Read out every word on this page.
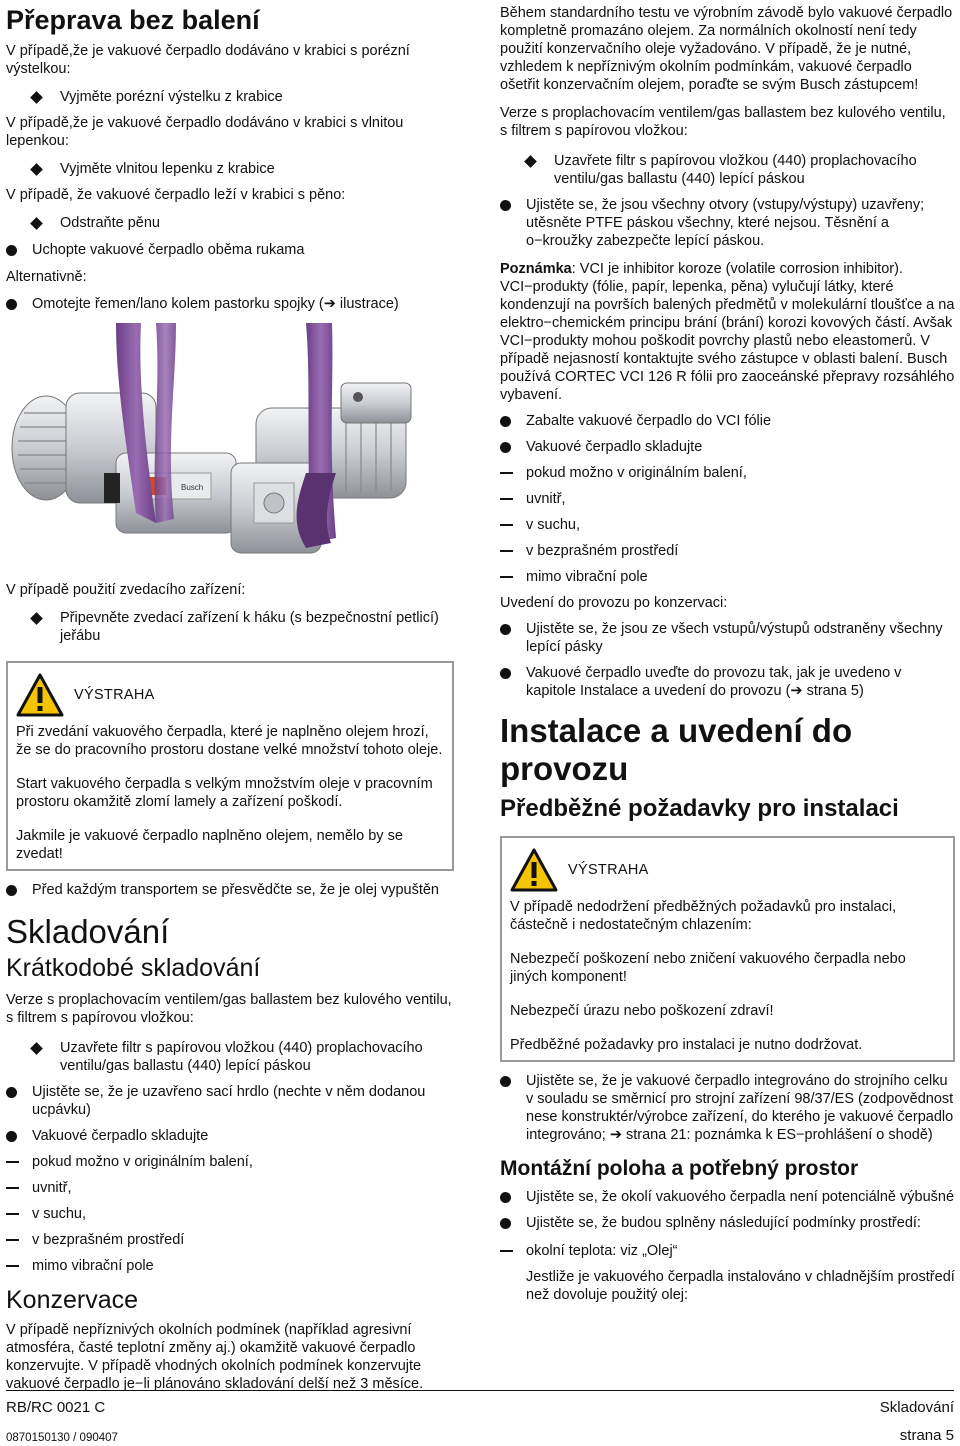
Přeprava bez balení

V případě,že je vakuové čerpadlo dodáváno v krabici s porézní výstelkou:

Vyjměte porézní výstelku z krabice

V případě,že je vakuové čerpadlo dodáváno v krabici s vlnitou lepenkou:

Vyjměte vlnitou lepenku z krabice

V případě, že vakuové čerpadlo leží v krabici s pěno:

Odstraňte pěnu
Uchopte vakuové čerpadlo oběma rukama

Alternativně:

Omotejte řemen/lano kolem pastorku spojky (➔ ilustrace)
Busch

V případě použití zvedacího zařízení:

Připevněte zvedací zařízení k háku (s bezpečnostní petlicí) jeřábu
VÝSTRAHA

Při zvedání vakuového čerpadla, které je naplněno olejem hrozí, že se do pracovního prostoru dostane velké množství tohoto oleje.

Start vakuového čerpadla s velkým množstvím oleje v pracovním prostoru okamžitě zlomí lamely a zařízení poškodí.

Jakmile je vakuové čerpadlo naplněno olejem, nemělo by se zvedat!

Před každým transportem se přesvědčte se, že je olej vypuštěn

Skladování

Krátkodobé skladování

Verze s proplachovacím ventilem/gas ballastem bez kulového ventilu, s filtrem s papírovou vložkou:

Uzavřete filtr s papírovou vložkou (440) proplachovacího ventilu/gas ballastu (440) lepící páskou
Ujistěte se, že je uzavřeno sací hrdlo (nechte v něm dodanou ucpávku)
Vakuové čerpadlo skladujte
pokud možno v originálním balení,
uvnitř,
v suchu,
v bezprašném prostředí
mimo vibrační pole

Konzervace

V případě nepříznivých okolních podmínek (například agresivní atmosféra, časté teplotní změny aj.) okamžitě vakuové čerpadlo konzervujte. V případě vhodných okolních podmínek konzervujte vakuové čerpadlo je−li plánováno skladování delší než 3 měsíce.

Během standardního testu ve výrobním závodě bylo vakuové čerpadlo kompletně promazáno olejem. Za normálních okolností není tedy použití konzervačního oleje vyžadováno. V případě, že je nutné, vzhledem k nepříznivým okolním podmínkám, vakuové čerpadlo ošetřit konzervačním olejem, poraďte se svým Busch zástupcem!

Verze s proplachovacím ventilem/gas ballastem bez kulového ventilu, s filtrem s papírovou vložkou:

Uzavřete filtr s papírovou vložkou (440) proplachovacího ventilu/gas ballastu (440) lepící páskou
Ujistěte se, že jsou všechny otvory (vstupy/výstupy) uzavřeny; utěsněte PTFE páskou všechny, které nejsou. Těsnění a o−kroužky zabezpečte lepící páskou.

Poznámka: VCI je inhibitor koroze (volatile corrosion inhibitor). VCI−produkty (fólie, papír, lepenka, pěna) vylučují látky, které kondenzují na površích balených předmětů v molekulární tloušťce a na elektro−chemickém principu brání (brání) korozi kovových částí. Avšak VCI−produkty mohou poškodit povrchy plastů nebo eleastomerů. V případě nejasností kontaktujte svého zástupce v oblasti balení. Busch používá CORTEC VCI 126 R fólii pro zaoceánské přepravy rozsáhlého vybavení.

Zabalte vakuové čerpadlo do VCI fólie
Vakuové čerpadlo skladujte
pokud možno v originálním balení,
uvnitř,
v suchu,
v bezprašném prostředí
mimo vibrační pole

Uvedení do provozu po konzervaci:

Ujistěte se, že jsou ze všech vstupů/výstupů odstraněny všechny lepící pásky
Vakuové čerpadlo uveďte do provozu tak, jak je uvedeno v kapitole Instalace a uvedení do provozu (➔ strana 5)

Instalace a uvedení do provozu

Předběžné požadavky pro instalaci

VÝSTRAHA

V případě nedodržení předběžných požadavků pro instalaci, částečně i nedostatečným chlazením:

Nebezpečí poškození nebo zničení vakuového čerpadla nebo jiných komponent!

Nebezpečí úrazu nebo poškození zdraví!

Předběžné požadavky pro instalaci je nutno dodržovat.

Ujistěte se, že je vakuové čerpadlo integrováno do strojního celku v souladu se směrnicí pro strojní zařízení 98/37/ES (zodpovědnost nese konstruktér/výrobce zařízení, do kterého je vakuové čerpadlo integrováno; ➔ strana 21: poznámka k ES−prohlášení o shodě)

Montážní poloha a potřebný prostor

Ujistěte se, že okolí vakuového čerpadla není potenciálně výbušné
Ujistěte se, že budou splněny následující podmínky prostředí:
okolní teplota: viz „Olej“

Jestliže je vakuového čerpadla instalováno v chladnějším prostředí než dovoluje použitý olej:

RB/RC 0021 C	Skladování
0870150130 / 090407	strana 5
